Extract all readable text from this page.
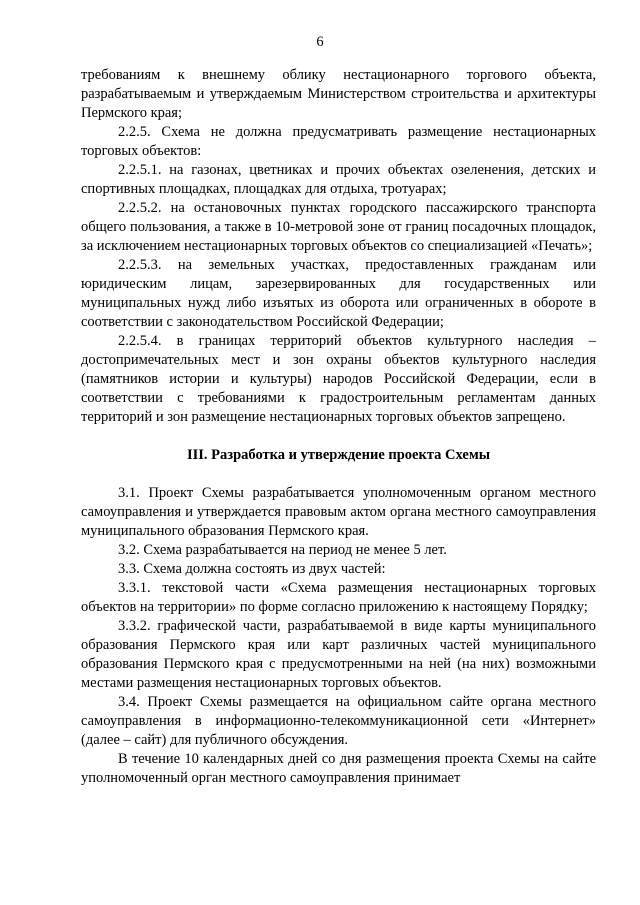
6

требованиям к внешнему облику нестационарного торгового объекта, разрабатываемым и утверждаемым Министерством строительства и архитектуры Пермского края;

2.2.5. Схема не должна предусматривать размещение нестационарных торговых объектов:

2.2.5.1. на газонах, цветниках и прочих объектах озеленения, детских и спортивных площадках, площадках для отдыха, тротуарах;

2.2.5.2. на остановочных пунктах городского пассажирского транспорта общего пользования, а также в 10-метровой зоне от границ посадочных площадок, за исключением нестационарных торговых объектов со специализацией «Печать»;

2.2.5.3. на земельных участках, предоставленных гражданам или юридическим лицам, зарезервированных для государственных или муниципальных нужд либо изъятых из оборота или ограниченных в обороте в соответствии с законодательством Российской Федерации;

2.2.5.4. в границах территорий объектов культурного наследия – достопримечательных мест и зон охраны объектов культурного наследия (памятников истории и культуры) народов Российской Федерации, если в соответствии с требованиями к градостроительным регламентам данных территорий и зон размещение нестационарных торговых объектов запрещено.

III. Разработка и утверждение проекта Схемы

3.1. Проект Схемы разрабатывается уполномоченным органом местного самоуправления и утверждается правовым актом органа местного самоуправления муниципального образования Пермского края.

3.2. Схема разрабатывается на период не менее 5 лет.

3.3. Схема должна состоять из двух частей:

3.3.1. текстовой части «Схема размещения нестационарных торговых объектов на территории» по форме согласно приложению к настоящему Порядку;

3.3.2. графической части, разрабатываемой в виде карты муниципального образования Пермского края или карт различных частей муниципального образования Пермского края с предусмотренными на ней (на них) возможными местами размещения нестационарных торговых объектов.

3.4. Проект Схемы размещается на официальном сайте органа местного самоуправления в информационно-телекоммуникационной сети «Интернет» (далее – сайт) для публичного обсуждения.

В течение 10 календарных дней со дня размещения проекта Схемы на сайте уполномоченный орган местного самоуправления принимает
